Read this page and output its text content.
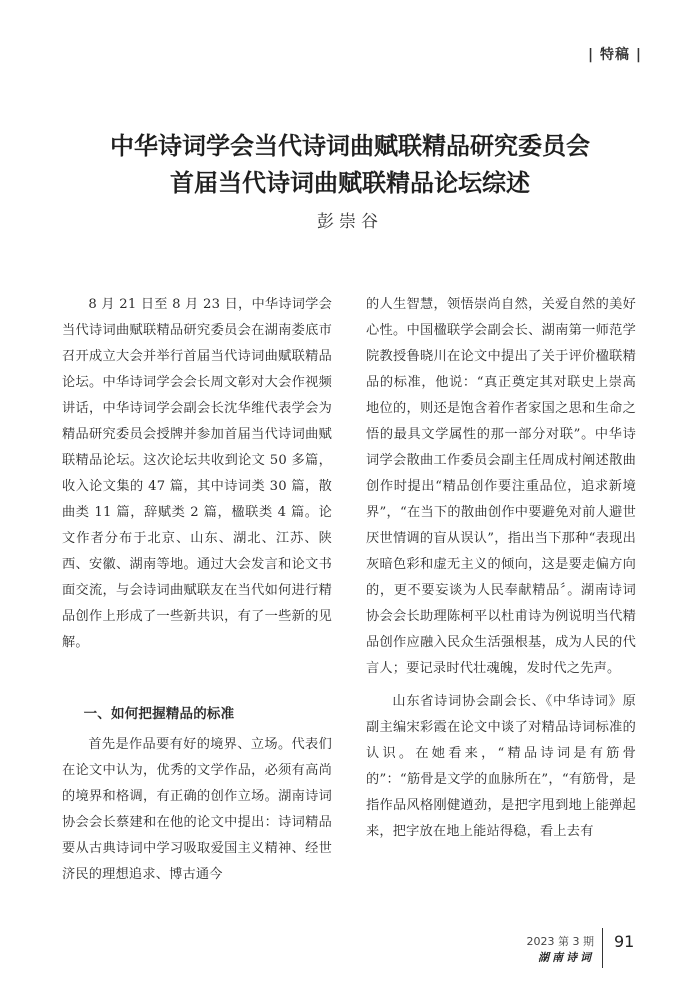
| 特稿 |
中华诗词学会当代诗词曲赋联精品研究委员会
首届当代诗词曲赋联精品论坛综述
彭崇谷

8 月 21 日至 8 月 23 日，中华诗词学会当代诗词曲赋联精品研究委员会在湖南娄底市召开成立大会并举行首届当代诗词曲赋联精品论坛。中华诗词学会会长周文彰对大会作视频讲话，中华诗词学会副会长沈华维代表学会为精品研究委员会授牌并参加首届当代诗词曲赋联精品论坛。这次论坛共收到论文 50 多篇，收入论文集的 47 篇，其中诗词类 30 篇，散曲类 11 篇，辞赋类 2 篇，楹联类 4 篇。论文作者分布于北京、山东、湖北、江苏、陕西、安徽、湖南等地。通过大会发言和论文书面交流，与会诗词曲赋联友在当代如何进行精品创作上形成了一些新共识，有了一些新的见解。

一、如何把握精品的标准

首先是作品要有好的境界、立场。代表们在论文中认为，优秀的文学作品，必须有高尚的境界和格调，有正确的创作立场。湖南诗词协会会长蔡建和在他的论文中提出：诗词精品要从古典诗词中学习吸取爱国主义精神、经世济民的理想追求、博古通今

的人生智慧，领悟崇尚自然，关爱自然的美好心性。中国楹联学会副会长、湖南第一师范学院教授鲁晓川在论文中提出了关于评价楹联精品的标准，他说：“真正奠定其对联史上崇高地位的，则还是饱含着作者家国之思和生命之悟的最具文学属性的那一部分对联”。中华诗词学会散曲工作委员会副主任周成村阐述散曲创作时提出“精品创作要注重品位，追求新境界”，“在当下的散曲创作中要避免对前人避世厌世情调的盲从误认”，指出当下那种“表现出灰暗色彩和虚无主义的倾向，这是要走偏方向的，更不要妄谈为人民奉献精品〞。湖南诗词协会会长助理陈柯平以杜甫诗为例说明当代精品创作应融入民众生活强根基，成为人民的代言人；要记录时代壮魂魄，发时代之先声。

山东省诗词协会副会长、《中华诗词》原副主编宋彩霞在论文中谈了对精品诗词标准的认识。在她看来，“精品诗词是有筋骨的”：“筋骨是文学的血脉所在”，“有筋骨，是指作品风格刚健遒劲，是把字甩到地上能弹起来，把字放在地上能站得稳，看上去有

2023 第 3 期
湖南诗词
91
